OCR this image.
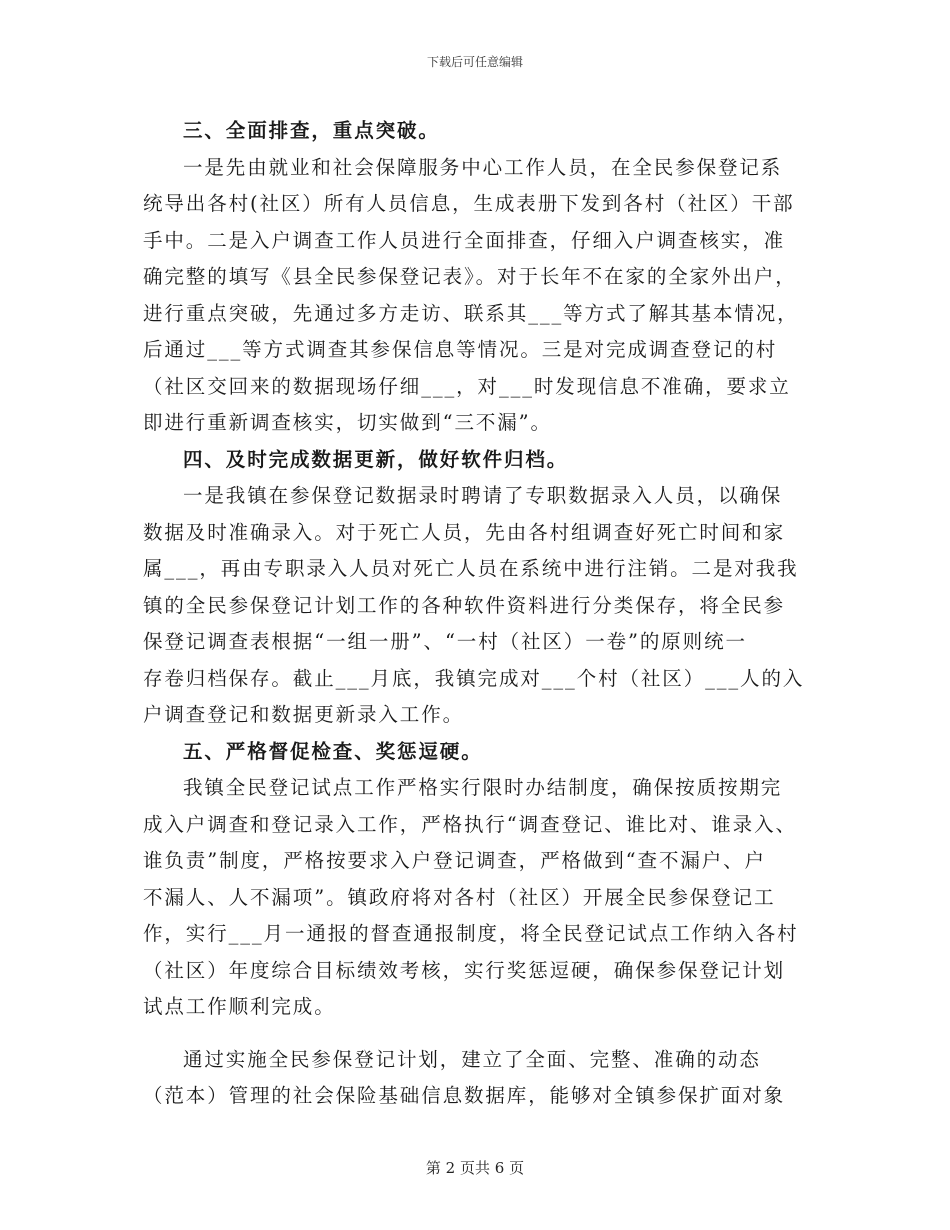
下载后可任意编辑

三、全面排查，重点突破。

一是先由就业和社会保障服务中心工作人员，在全民参保登记系

统导出各村(社区）所有人员信息，生成表册下发到各村（社区）干部

手中。二是入户调查工作人员进行全面排查，仔细入户调查核实，准

确完整的填写《县全民参保登记表》。对于长年不在家的全家外出户，

进行重点突破，先通过多方走访、联系其___等方式了解其基本情况，

后通过___等方式调查其参保信息等情况。三是对完成调查登记的村

（社区交回来的数据现场仔细___，对___时发现信息不准确，要求立

即进行重新调查核实，切实做到“三不漏”。

四、及时完成数据更新，做好软件归档。

一是我镇在参保登记数据录时聘请了专职数据录入人员，以确保

数据及时准确录入。对于死亡人员，先由各村组调查好死亡时间和家

属___，再由专职录入人员对死亡人员在系统中进行注销。二是对我我

镇的全民参保登记计划工作的各种软件资料进行分类保存，将全民参

保登记调查表根据“一组一册”、“一村（社区）一卷”的原则统一

存卷归档保存。截止___月底，我镇完成对___个村（社区）___人的入

户调查登记和数据更新录入工作。

五、严格督促检查、奖惩逗硬。

我镇全民登记试点工作严格实行限时办结制度，确保按质按期完

成入户调查和登记录入工作，严格执行“调查登记、谁比对、谁录入、

谁负责”制度，严格按要求入户登记调查，严格做到“查不漏户、户

不漏人、人不漏项”。镇政府将对各村（社区）开展全民参保登记工

作，实行___月一通报的督查通报制度，将全民登记试点工作纳入各村

（社区）年度综合目标绩效考核，实行奖惩逗硬，确保参保登记计划

试点工作顺利完成。

通过实施全民参保登记计划，建立了全面、完整、准确的动态

（范本）管理的社会保险基础信息数据库，能够对全镇参保扩面对象

第 2 页共 6 页
